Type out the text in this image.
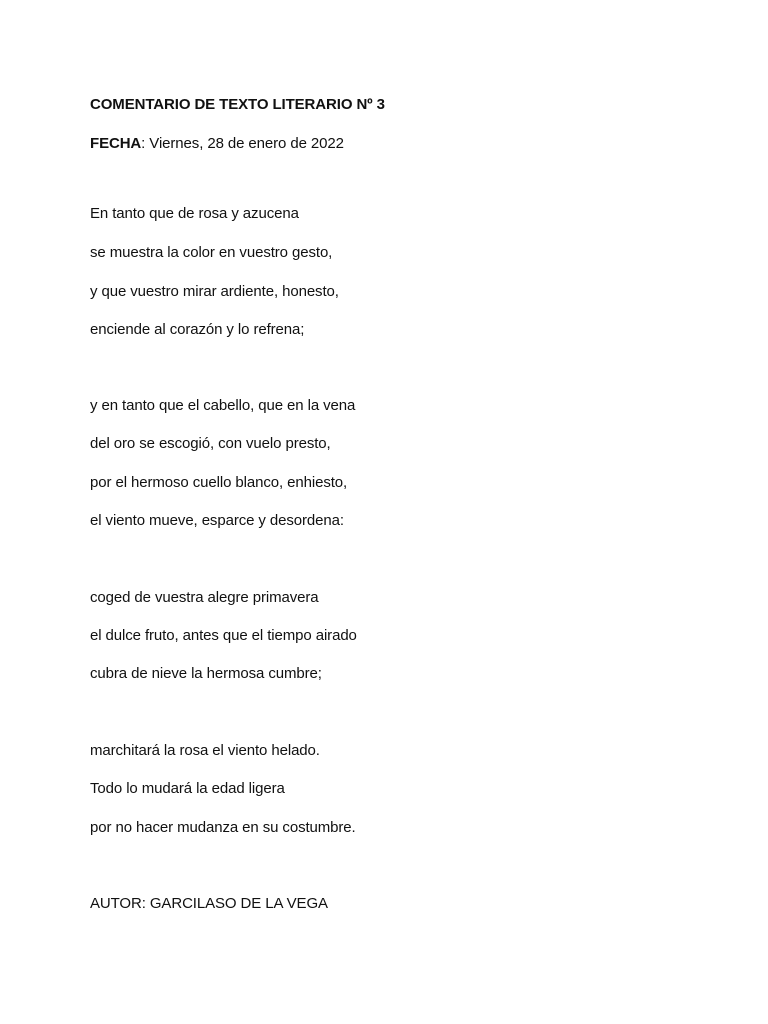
COMENTARIO DE TEXTO LITERARIO Nº 3
FECHA: Viernes, 28 de enero de 2022
En tanto que de rosa y azucena
se muestra la color en vuestro gesto,
y que vuestro mirar ardiente, honesto,
enciende al corazón y lo refrena;
y en tanto que el cabello, que en la vena
del oro se escogió, con vuelo presto,
por el hermoso cuello blanco, enhiesto,
el viento mueve, esparce y desordena:
coged de vuestra alegre primavera
el dulce fruto, antes que el tiempo airado
cubra de nieve la hermosa cumbre;
marchitará la rosa el viento helado.
Todo lo mudará la edad ligera
por no hacer mudanza en su costumbre.
AUTOR: GARCILASO DE LA VEGA
